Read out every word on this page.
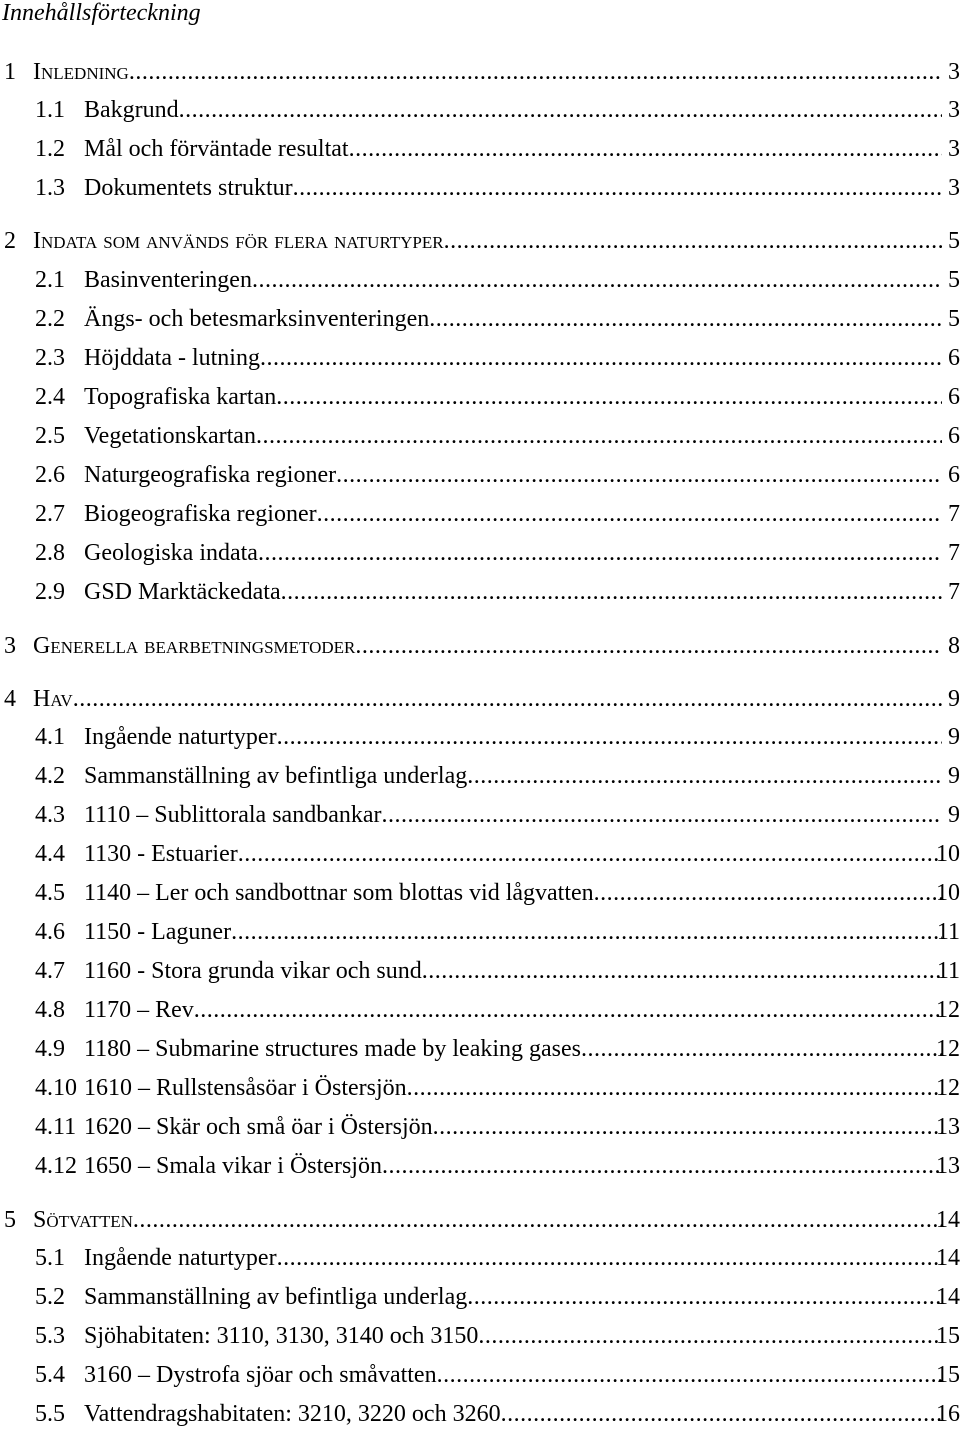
Innehållsförteckning
1 Inledning .....	3
1.1 Bakgrund .....	3
1.2 Mål och förväntade resultat .....	3
1.3 Dokumentets struktur .....	3
2 Indata som används för flera naturtyper .....	5
2.1 Basinventeringen .....	5
2.2 Ängs- och betesmarksinventeringen .....	5
2.3 Höjddata - lutning .....	6
2.4 Topografiska kartan .....	6
2.5 Vegetationskartan .....	6
2.6 Naturgeografiska regioner .....	6
2.7 Biogeografiska regioner .....	7
2.8 Geologiska indata .....	7
2.9 GSD Marktäckedata .....	7
3 Generella bearbetningsmetoder .....	8
4 Hav .....	9
4.1 Ingående naturtyper .....	9
4.2 Sammanställning av befintliga underlag .....	9
4.3 1110 – Sublittorala sandbankar .....	9
4.4 1130 - Estuarier .....	10
4.5 1140 – Ler och sandbottnar som blottas vid lågvatten .....	10
4.6 1150 - Laguner .....	11
4.7 1160 - Stora grunda vikar och sund .....	11
4.8 1170 – Rev .....	12
4.9 1180 – Submarine structures made by leaking gases .....	12
4.10 1610 – Rullstensåsöar i Östersjön .....	12
4.11 1620 – Skär och små öar i Östersjön .....	13
4.12 1650 – Smala vikar i Östersjön .....	13
5 Sötvatten .....	14
5.1 Ingående naturtyper .....	14
5.2 Sammanställning av befintliga underlag .....	14
5.3 Sjöhabitaten: 3110, 3130, 3140 och 3150 .....	15
5.4 3160 – Dystrofa sjöar och småvatten .....	15
5.5 Vattendragshabitaten: 3210, 3220 och 3260 .....	16
